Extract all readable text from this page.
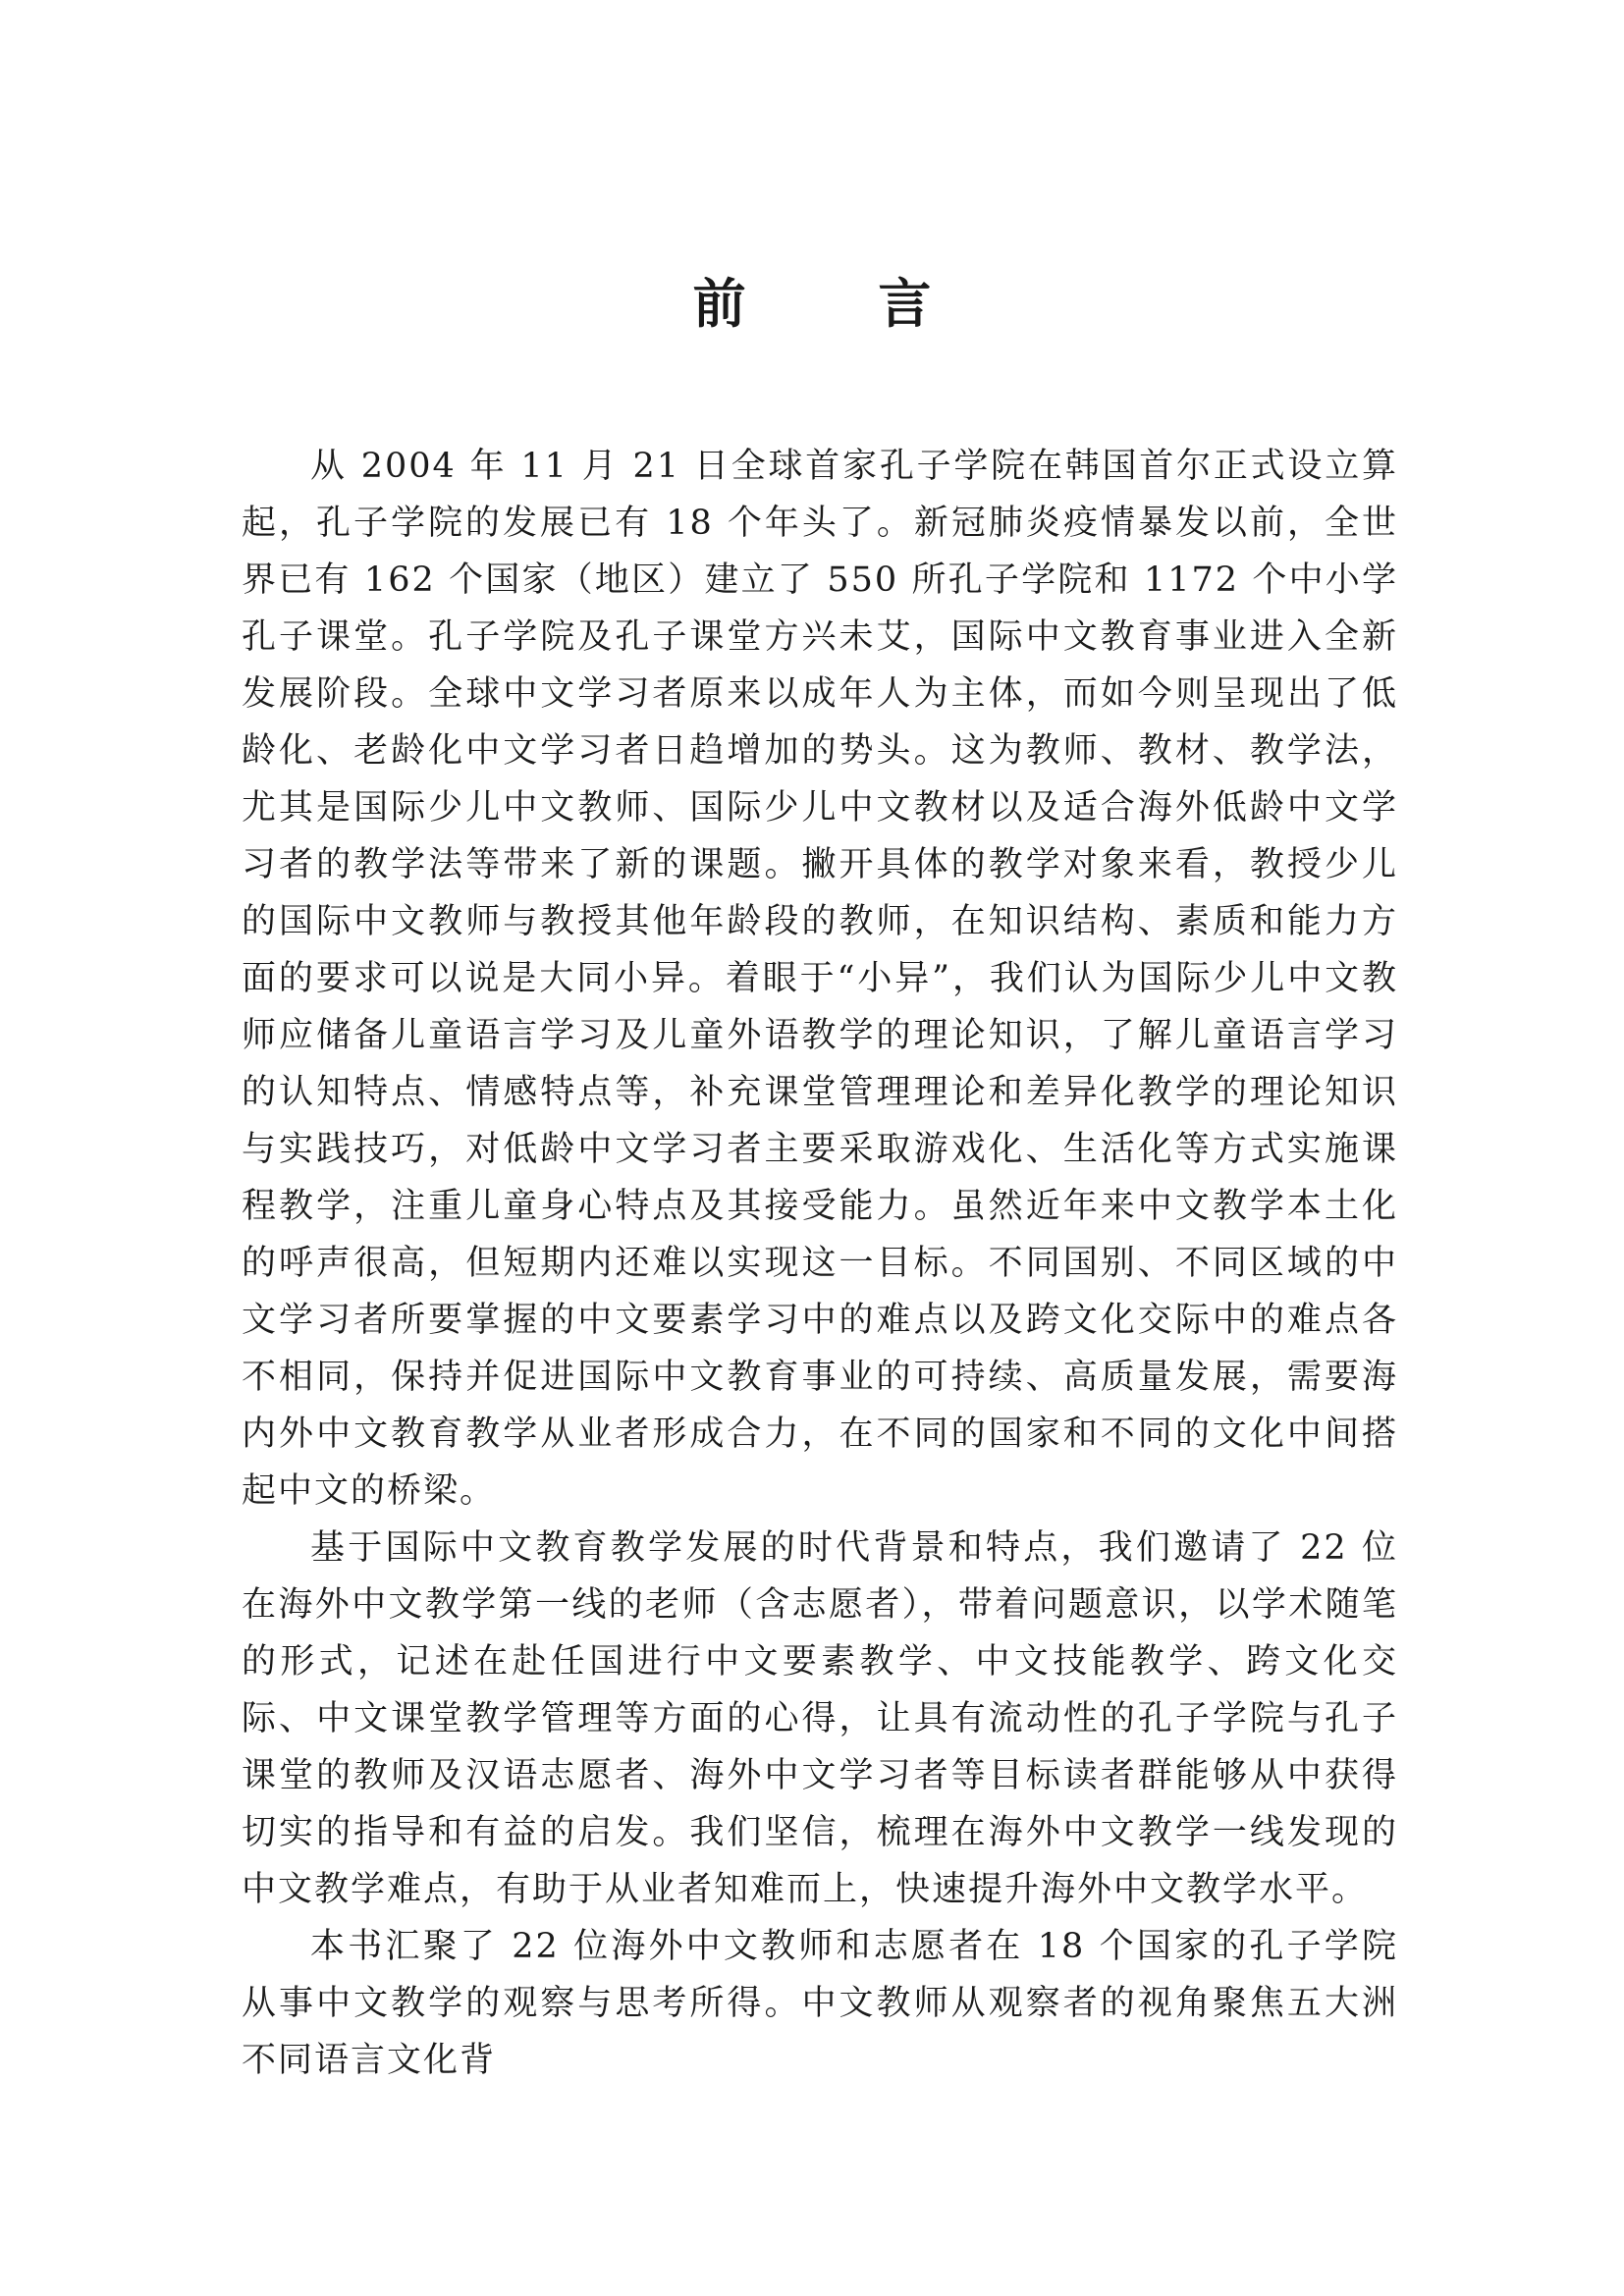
前 言

从 2004 年 11 月 21 日全球首家孔子学院在韩国首尔正式设立算起，孔子学院的发展已有 18 个年头了。新冠肺炎疫情暴发以前，全世界已有 162 个国家（地区）建立了 550 所孔子学院和 1172 个中小学孔子课堂。孔子学院及孔子课堂方兴未艾，国际中文教育事业进入全新发展阶段。全球中文学习者原来以成年人为主体，而如今则呈现出了低龄化、老龄化中文学习者日趋增加的势头。这为教师、教材、教学法，尤其是国际少儿中文教师、国际少儿中文教材以及适合海外低龄中文学习者的教学法等带来了新的课题。撇开具体的教学对象来看，教授少儿的国际中文教师与教授其他年龄段的教师，在知识结构、素质和能力方面的要求可以说是大同小异。着眼于“小异”，我们认为国际少儿中文教师应储备儿童语言学习及儿童外语教学的理论知识，了解儿童语言学习的认知特点、情感特点等，补充课堂管理理论和差异化教学的理论知识与实践技巧，对低龄中文学习者主要采取游戏化、生活化等方式实施课程教学，注重儿童身心特点及其接受能力。虽然近年来中文教学本土化的呼声很高，但短期内还难以实现这一目标。不同国别、不同区域的中文学习者所要掌握的中文要素学习中的难点以及跨文化交际中的难点各不相同，保持并促进国际中文教育事业的可持续、高质量发展，需要海内外中文教育教学从业者形成合力，在不同的国家和不同的文化中间搭起中文的桥梁。

基于国际中文教育教学发展的时代背景和特点，我们邀请了 22 位在海外中文教学第一线的老师（含志愿者），带着问题意识，以学术随笔的形式，记述在赴任国进行中文要素教学、中文技能教学、跨文化交际、中文课堂教学管理等方面的心得，让具有流动性的孔子学院与孔子课堂的教师及汉语志愿者、海外中文学习者等目标读者群能够从中获得切实的指导和有益的启发。我们坚信，梳理在海外中文教学一线发现的中文教学难点，有助于从业者知难而上，快速提升海外中文教学水平。

本书汇聚了 22 位海外中文教师和志愿者在 18 个国家的孔子学院从事中文教学的观察与思考所得。中文教师从观察者的视角聚焦五大洲不同语言文化背
